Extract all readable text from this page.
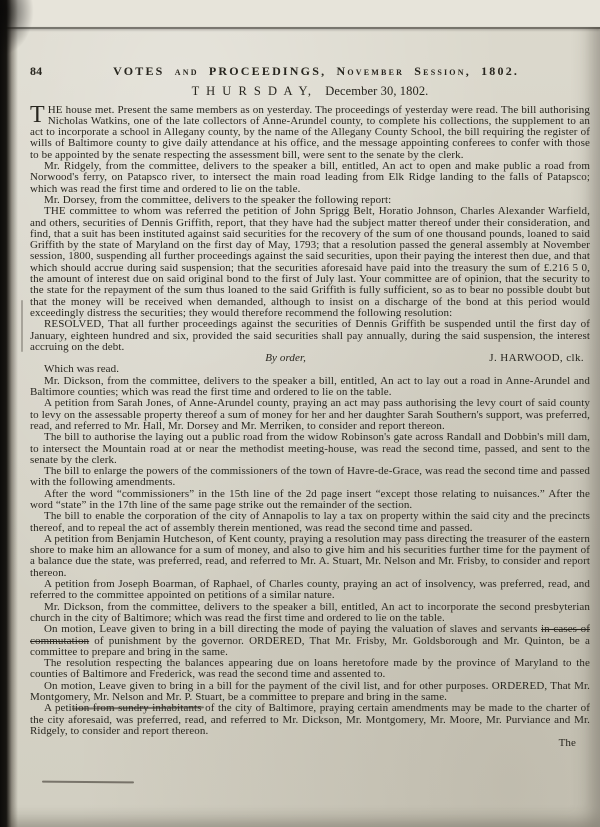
84	VOTES and PROCEEDINGS, November Session, 1802.
T H U R S D A Y, December 30, 1802.

THE house met. Present the same members as on yesterday. The proceedings of yesterday were read. The bill authorising Nicholas Watkins, one of the late collectors of Anne-Arundel county, to complete his collections, the supplement to an act to incorporate a school in Allegany county, by the name of the Allegany County School, the bill requiring the register of wills of Baltimore county to give daily attendance at his office, and the message appointing conferees to confer with those to be appointed by the senate respecting the assessment bill, were sent to the senate by the clerk.

Mr. Ridgely, from the committee, delivers to the speaker a bill, entitled, An act to open and make public a road from Norwood's ferry, on Patapsco river, to intersect the main road leading from Elk Ridge landing to the falls of Patapsco; which was read the first time and ordered to lie on the table.

Mr. Dorsey, from the committee, delivers to the speaker the following report:

THE committee to whom was referred the petition of John Sprigg Belt, Horatio Johnson, Charles Alexander Warfield, and others, securities of Dennis Griffith, report, that they have had the subject matter thereof under their consideration, and find, that a suit has been instituted against said securities for the recovery of the sum of one thousand pounds, loaned to said Griffith by the state of Maryland on the first day of May, 1793; that a resolution passed the general assembly at November session, 1800, suspending all further proceedings against the said securities, upon their paying the interest then due, and that which should accrue during said suspension; that the securities aforesaid have paid into the treasury the sum of £.216 5 0, the amount of interest due on said original bond to the first of July last. Your committee are of opinion, that the security to the state for the repayment of the sum thus loaned to the said Griffith is fully sufficient, so as to bear no possible doubt but that the money will be received when demanded, although to insist on a discharge of the bond at this period would exceedingly distress the securities; they would therefore recommend the following resolution:

RESOLVED, That all further proceedings against the securities of Dennis Griffith be suspended until the first day of January, eighteen hundred and six, provided the said securities shall pay annually, during the said suspension, the interest accruing on the debt.

By order,	J. HARWOOD, clk.

Which was read.

Mr. Dickson, from the committee, delivers to the speaker a bill, entitled, An act to lay out a road in Anne-Arundel and Baltimore counties; which was read the first time and ordered to lie on the table.

A petition from Sarah Jones, of Anne-Arundel county, praying an act may pass authorising the levy court of said county to levy on the assessable property thereof a sum of money for her and her daughter Sarah Southern's support, was preferred, read, and referred to Mr. Hall, Mr. Dorsey and Mr. Merriken, to consider and report thereon.

The bill to authorise the laying out a public road from the widow Robinson's gate across Randall and Dobbin's mill dam, to intersect the Mountain road at or near the methodist meeting-house, was read the second time, passed, and sent to the senate by the clerk.

The bill to enlarge the powers of the commissioners of the town of Havre-de-Grace, was read the second time and passed with the following amendments.

After the word “commissioners” in the 15th line of the 2d page insert “except those relating to nuisances.” After the word “state” in the 17th line of the same page strike out the remainder of the section.

The bill to enable the corporation of the city of Annapolis to lay a tax on property within the said city and the precincts thereof, and to repeal the act of assembly therein mentioned, was read the second time and passed.

A petition from Benjamin Hutcheson, of Kent county, praying a resolution may pass directing the treasurer of the eastern shore to make him an allowance for a sum of money, and also to give him and his securities further time for the payment of a balance due the state, was preferred, read, and referred to Mr. A. Stuart, Mr. Nelson and Mr. Frisby, to consider and report thereon.

A petition from Joseph Boarman, of Raphael, of Charles county, praying an act of insolvency, was preferred, read, and referred to the committee appointed on petitions of a similar nature.

Mr. Dickson, from the committee, delivers to the speaker a bill, entitled, An act to incorporate the second presbyterian church in the city of Baltimore; which was read the first time and ordered to lie on the table.

On motion, Leave given to bring in a bill directing the mode of paying the valuation of slaves and servants in cases of commutation of punishment by the governor. ORDERED, That Mr. Frisby, Mr. Goldsborough and Mr. Quinton, be a committee to prepare and bring in the same.

The resolution respecting the balances appearing due on loans heretofore made by the province of Maryland to the counties of Baltimore and Frederick, was read the second time and assented to.

On motion, Leave given to bring in a bill for the payment of the civil list, and for other purposes. ORDERED, That Mr. Montgomery, Mr. Nelson and Mr. P. Stuart, be a committee to prepare and bring in the same.

A petition from sundry inhabitants of the city of Baltimore, praying certain amendments may be made to the charter of the city aforesaid, was preferred, read, and referred to Mr. Dickson, Mr. Montgomery, Mr. Moore, Mr. Purviance and Mr. Ridgely, to consider and report thereon.

The
